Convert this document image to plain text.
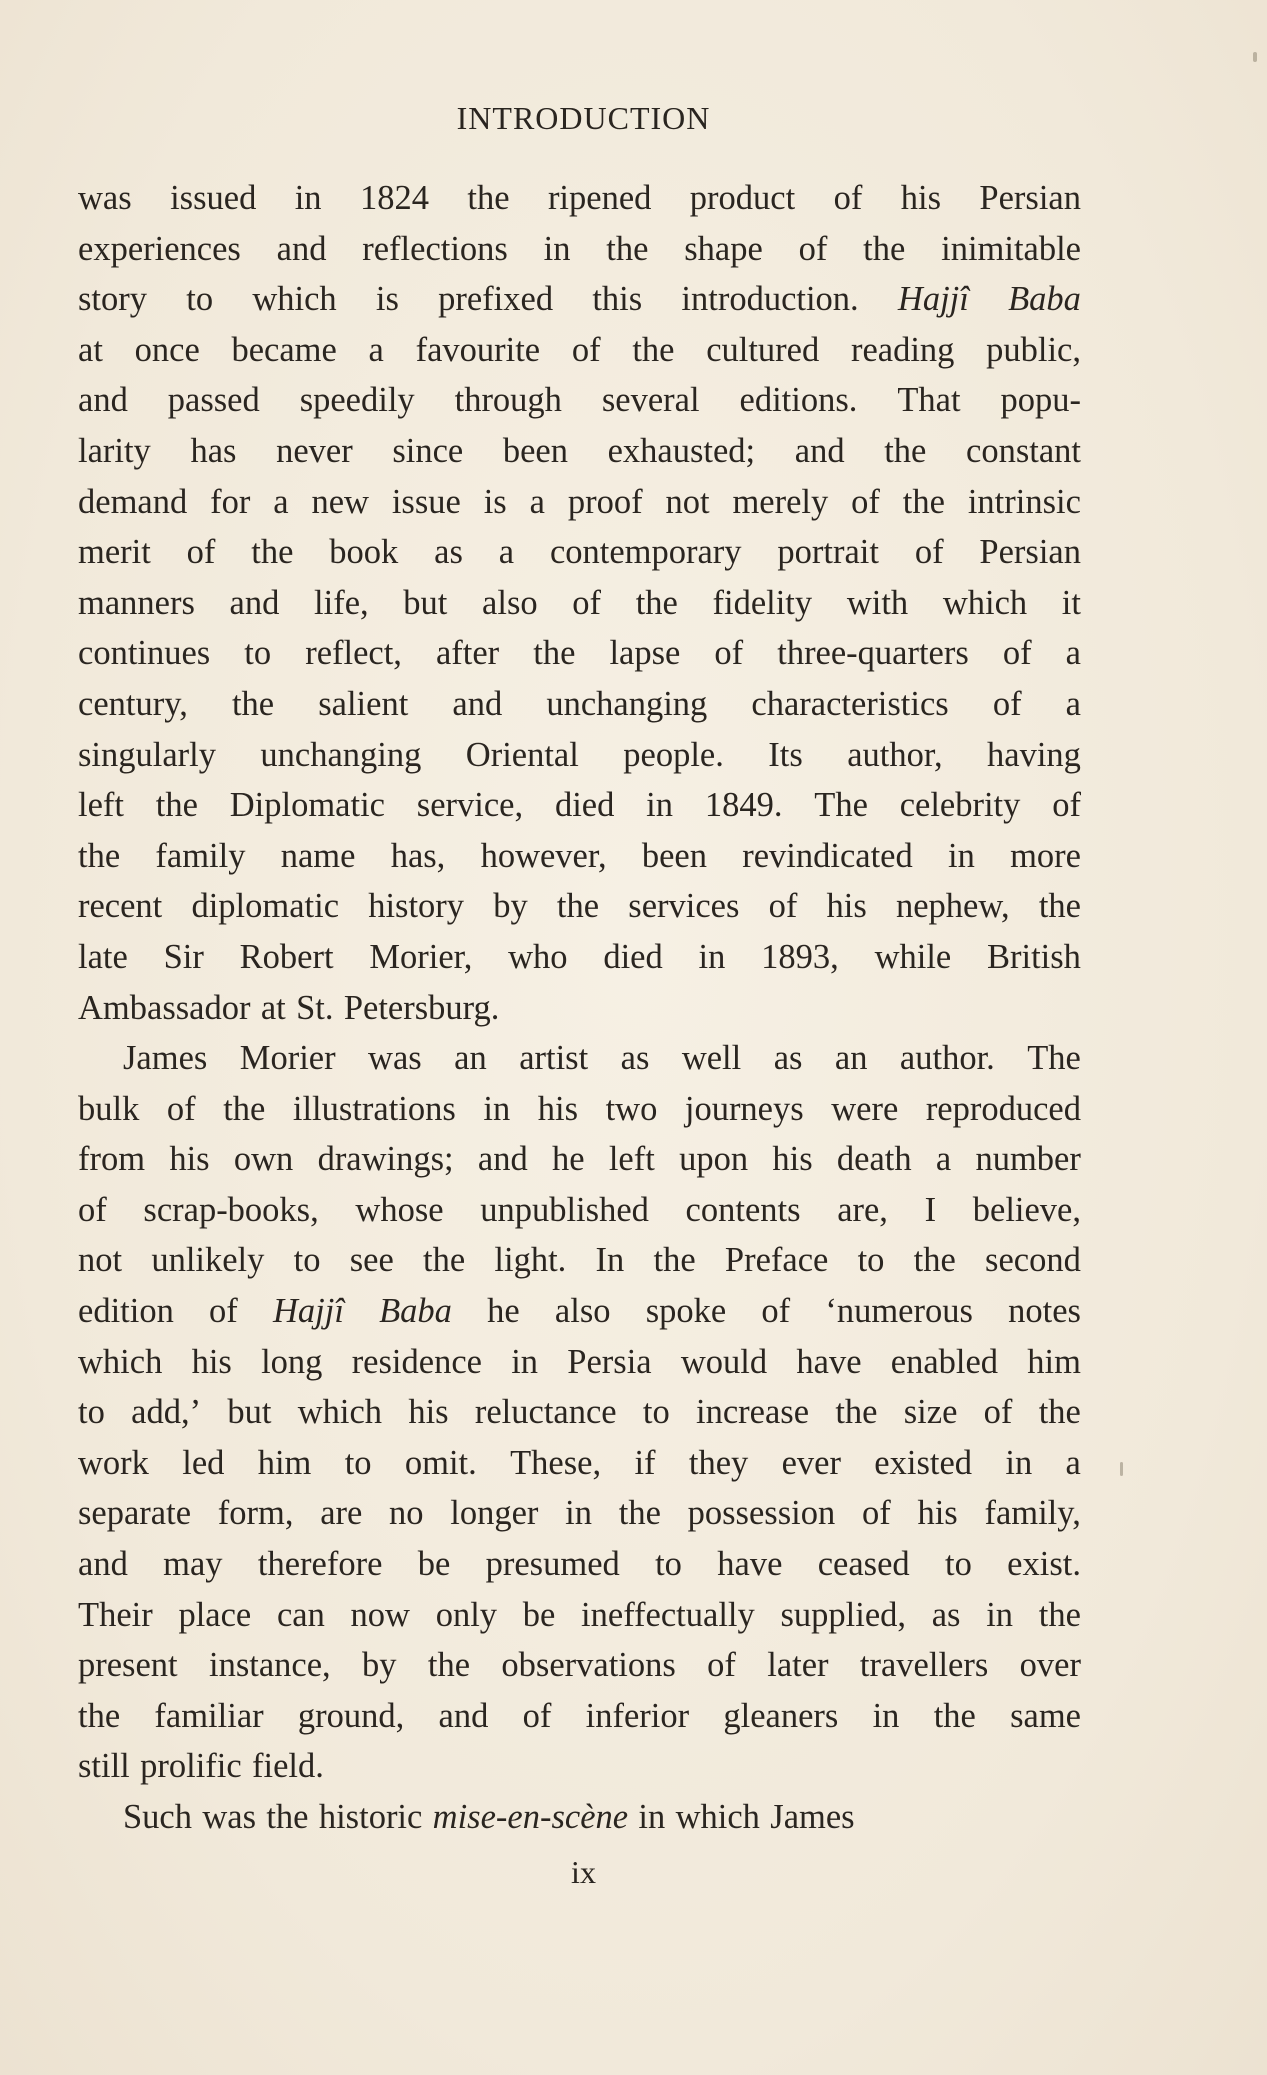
INTRODUCTION
was issued in 1824 the ripened product of his Persian
experiences and reflections in the shape of the inimitable
story to which is prefixed this introduction. Hajjî Baba
at once became a favourite of the cultured reading public,
and passed speedily through several editions. That popu-
larity has never since been exhausted; and the constant
demand for a new issue is a proof not merely of the intrinsic
merit of the book as a contemporary portrait of Persian
manners and life, but also of the fidelity with which it
continues to reflect, after the lapse of three-quarters of a
century, the salient and unchanging characteristics of a
singularly unchanging Oriental people. Its author, having
left the Diplomatic service, died in 1849. The celebrity of
the family name has, however, been revindicated in more
recent diplomatic history by the services of his nephew, the
late Sir Robert Morier, who died in 1893, while British
Ambassador at St. Petersburg.
James Morier was an artist as well as an author. The
bulk of the illustrations in his two journeys were reproduced
from his own drawings; and he left upon his death a number
of scrap-books, whose unpublished contents are, I believe,
not unlikely to see the light. In the Preface to the second
edition of Hajjî Baba he also spoke of ‘numerous notes
which his long residence in Persia would have enabled him
to add,’ but which his reluctance to increase the size of the
work led him to omit. These, if they ever existed in a
separate form, are no longer in the possession of his family,
and may therefore be presumed to have ceased to exist.
Their place can now only be ineffectually supplied, as in the
present instance, by the observations of later travellers over
the familiar ground, and of inferior gleaners in the same
still prolific field.
Such was the historic mise-en-scène in which James
ix
